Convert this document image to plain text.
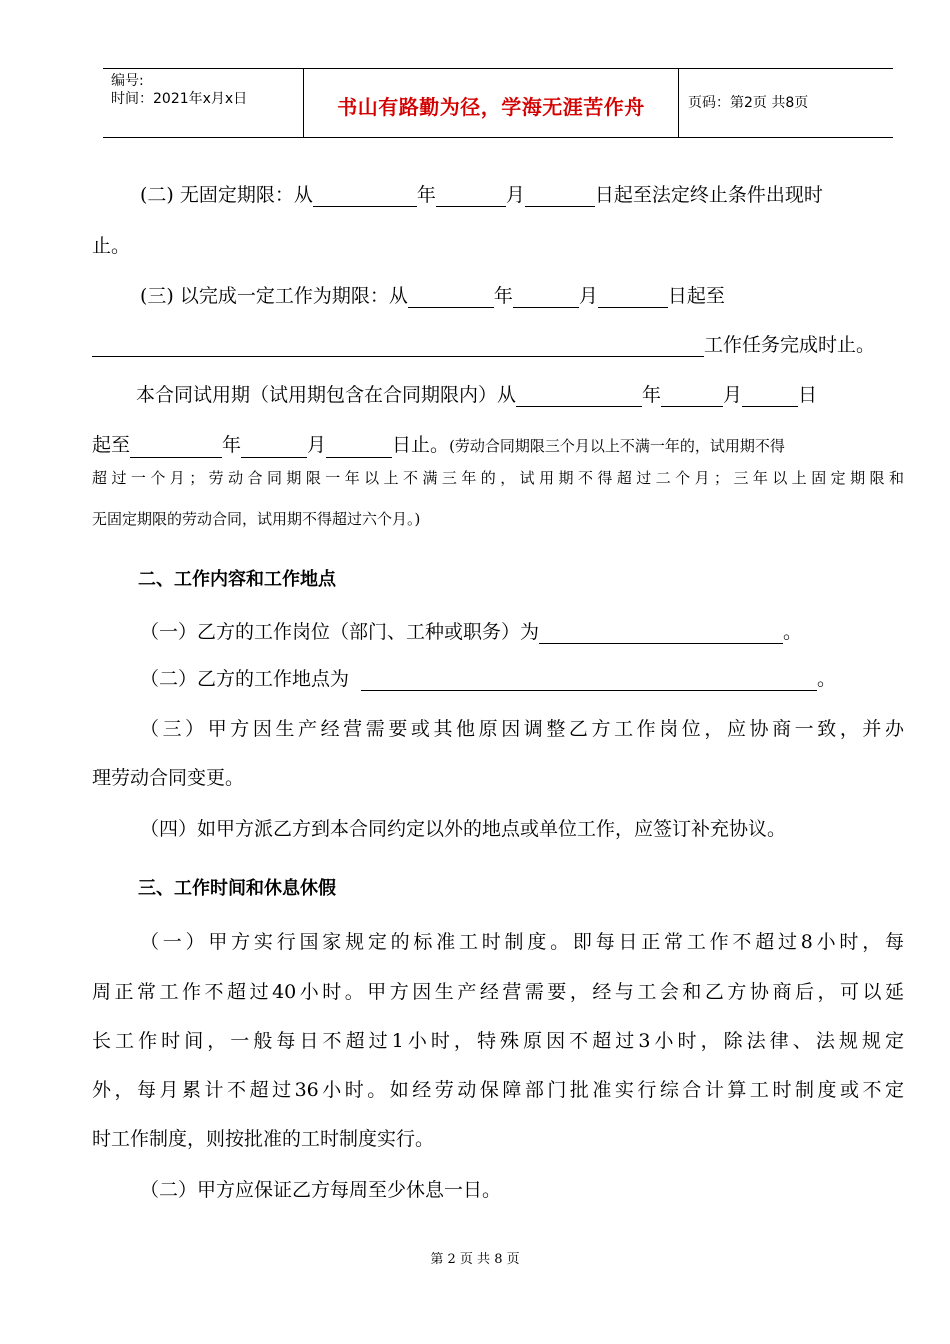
编号:
时间：2021年x月x日	书山有路勤为径，学海无涯苦作舟	页码：第2页 共8页
(二) 无固定期限：从	年	月	日起至法定终止条件出现时
止。
(三) 以完成一定工作为期限：从	年	月	日起至
工作任务完成时止。
本合同试用期（试用期包含在合同期限内）从	年	月	日
起至	年	月	日止。(劳动合同期限三个月以上不满一年的，试用期不得
超过一个月；劳动合同期限一年以上不满三年的，试用期不得超过二个月；三年以上固定期限和
无固定期限的劳动合同，试用期不得超过六个月。)
二、工作内容和工作地点
（一）乙方的工作岗位（部门、工种或职务）为	。
（二）乙方的工作地点为	。
（三）甲方因生产经营需要或其他原因调整乙方工作岗位，应协商一致，并办
理劳动合同变更。
（四）如甲方派乙方到本合同约定以外的地点或单位工作，应签订补充协议。
三、工作时间和休息休假
（一）甲方实行国家规定的标准工时制度。即每日正常工作不超过8小时，每
周正常工作不超过40小时。甲方因生产经营需要，经与工会和乙方协商后，可以延
长工作时间，一般每日不超过1小时，特殊原因不超过3小时，除法律、法规规定
外，每月累计不超过36小时。如经劳动保障部门批准实行综合计算工时制度或不定
时工作制度，则按批准的工时制度实行。
（二）甲方应保证乙方每周至少休息一日。
第 2 页 共 8 页
